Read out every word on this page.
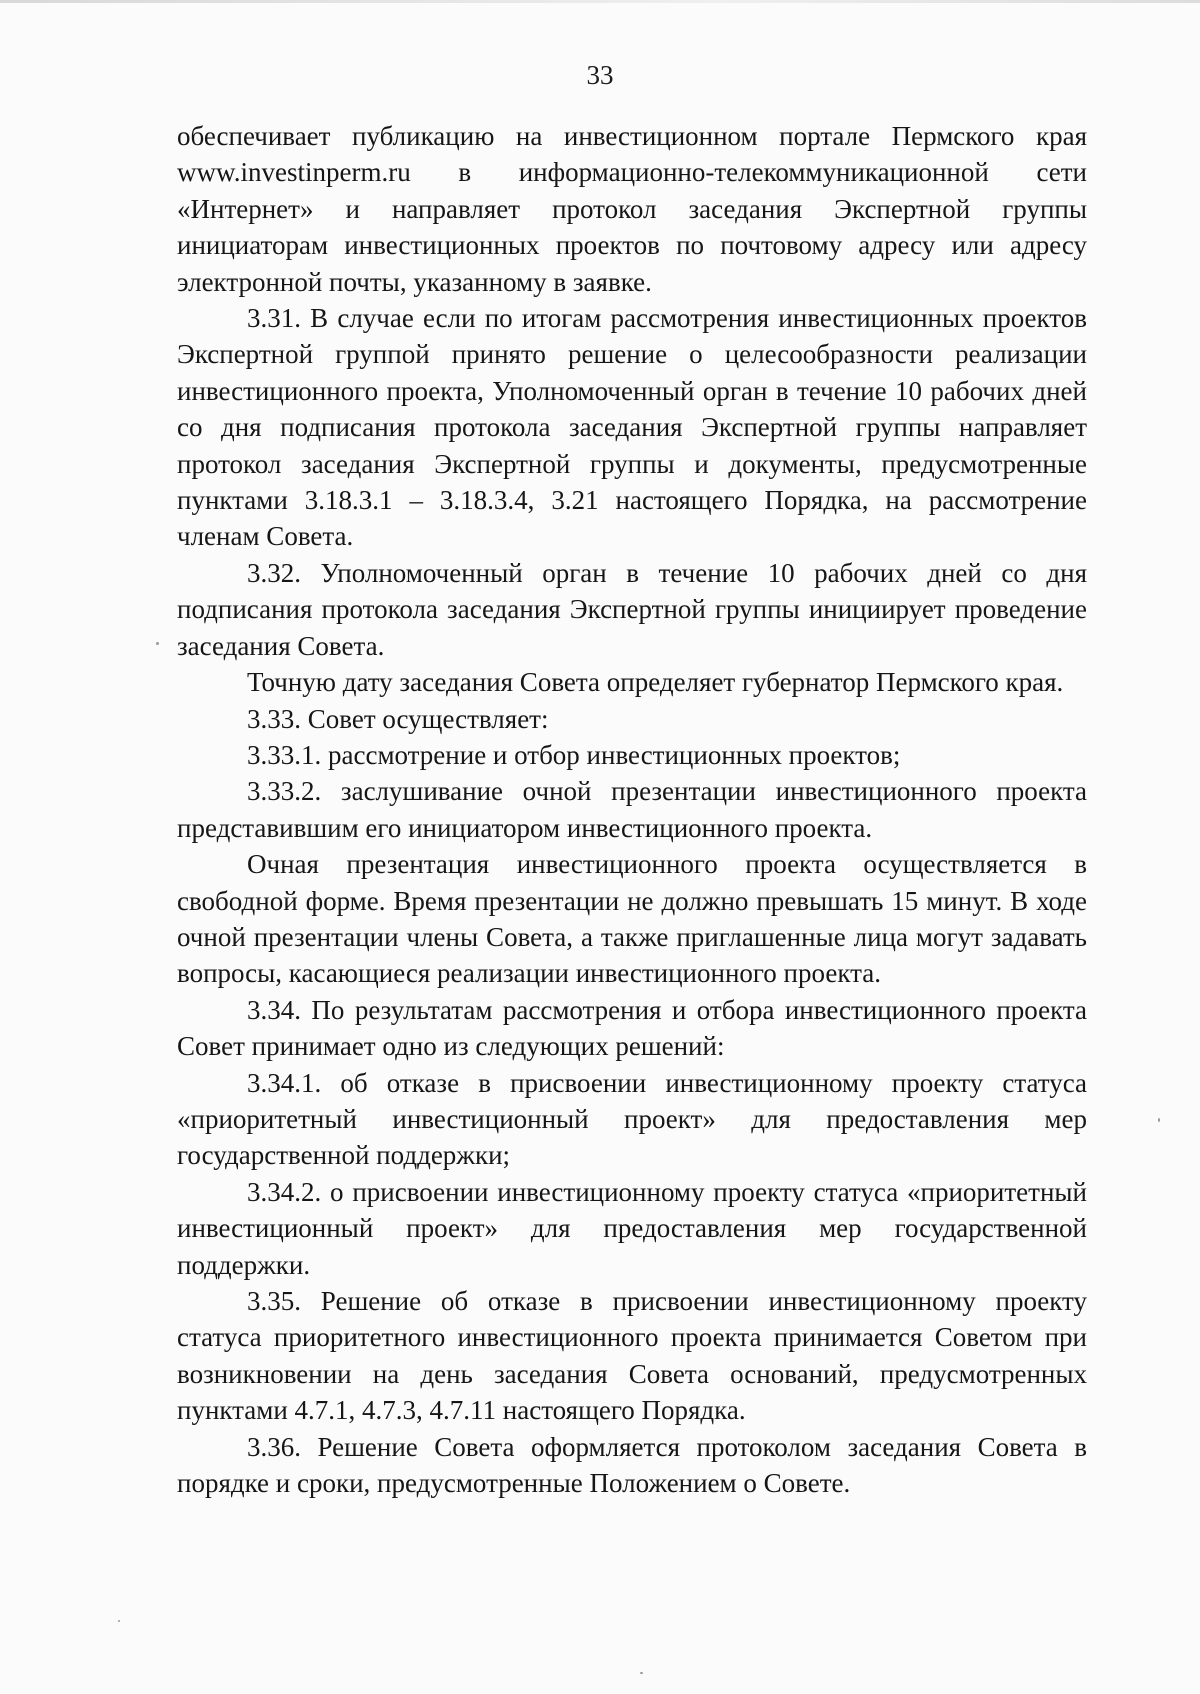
33

обеспечивает публикацию на инвестиционном портале Пермского края www.investinperm.ru в информационно-телекоммуникационной сети «Интернет» и направляет протокол заседания Экспертной группы инициаторам инвестиционных проектов по почтовому адресу или адресу электронной почты, указанному в заявке.

3.31. В случае если по итогам рассмотрения инвестиционных проектов Экспертной группой принято решение о целесообразности реализации инвестиционного проекта, Уполномоченный орган в течение 10 рабочих дней со дня подписания протокола заседания Экспертной группы направляет протокол заседания Экспертной группы и документы, предусмотренные пунктами 3.18.3.1 – 3.18.3.4, 3.21 настоящего Порядка, на рассмотрение членам Совета.

3.32. Уполномоченный орган в течение 10 рабочих дней со дня подписания протокола заседания Экспертной группы инициирует проведение заседания Совета.

Точную дату заседания Совета определяет губернатор Пермского края.

3.33. Совет осуществляет:

3.33.1. рассмотрение и отбор инвестиционных проектов;

3.33.2. заслушивание очной презентации инвестиционного проекта представившим его инициатором инвестиционного проекта.

Очная презентация инвестиционного проекта осуществляется в свободной форме. Время презентации не должно превышать 15 минут. В ходе очной презентации члены Совета, а также приглашенные лица могут задавать вопросы, касающиеся реализации инвестиционного проекта.

3.34. По результатам рассмотрения и отбора инвестиционного проекта Совет принимает одно из следующих решений:

3.34.1. об отказе в присвоении инвестиционному проекту статуса «приоритетный инвестиционный проект» для предоставления мер государственной поддержки;

3.34.2. о присвоении инвестиционному проекту статуса «приоритетный инвестиционный проект» для предоставления мер государственной поддержки.

3.35. Решение об отказе в присвоении инвестиционному проекту статуса приоритетного инвестиционного проекта принимается Советом при возникновении на день заседания Совета оснований, предусмотренных пунктами 4.7.1, 4.7.3, 4.7.11 настоящего Порядка.

3.36. Решение Совета оформляется протоколом заседания Совета в порядке и сроки, предусмотренные Положением о Совете.
